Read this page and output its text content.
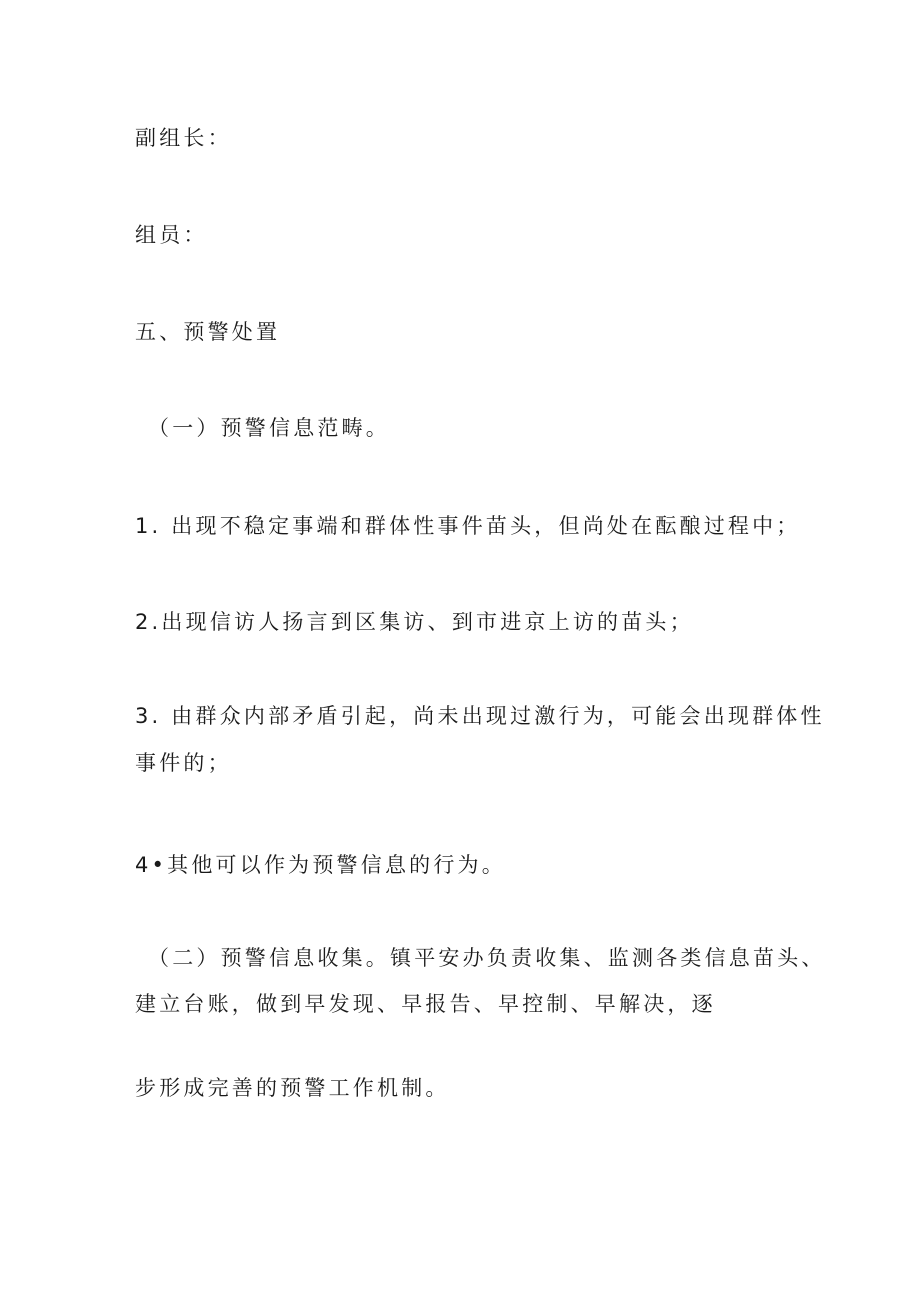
副组长：

组员：

五、预警处置

（一）预警信息范畴。

1. 出现不稳定事端和群体性事件苗头，但尚处在酝酿过程中；

2.出现信访人扬言到区集访、到市进京上访的苗头；

3. 由群众内部矛盾引起，尚未出现过激行为，可能会出现群体性

事件的；

4•其他可以作为预警信息的行为。

（二）预警信息收集。镇平安办负责收集、监测各类信息苗头、

建立台账，做到早发现、早报告、早控制、早解决，逐

步形成完善的预警工作机制。
